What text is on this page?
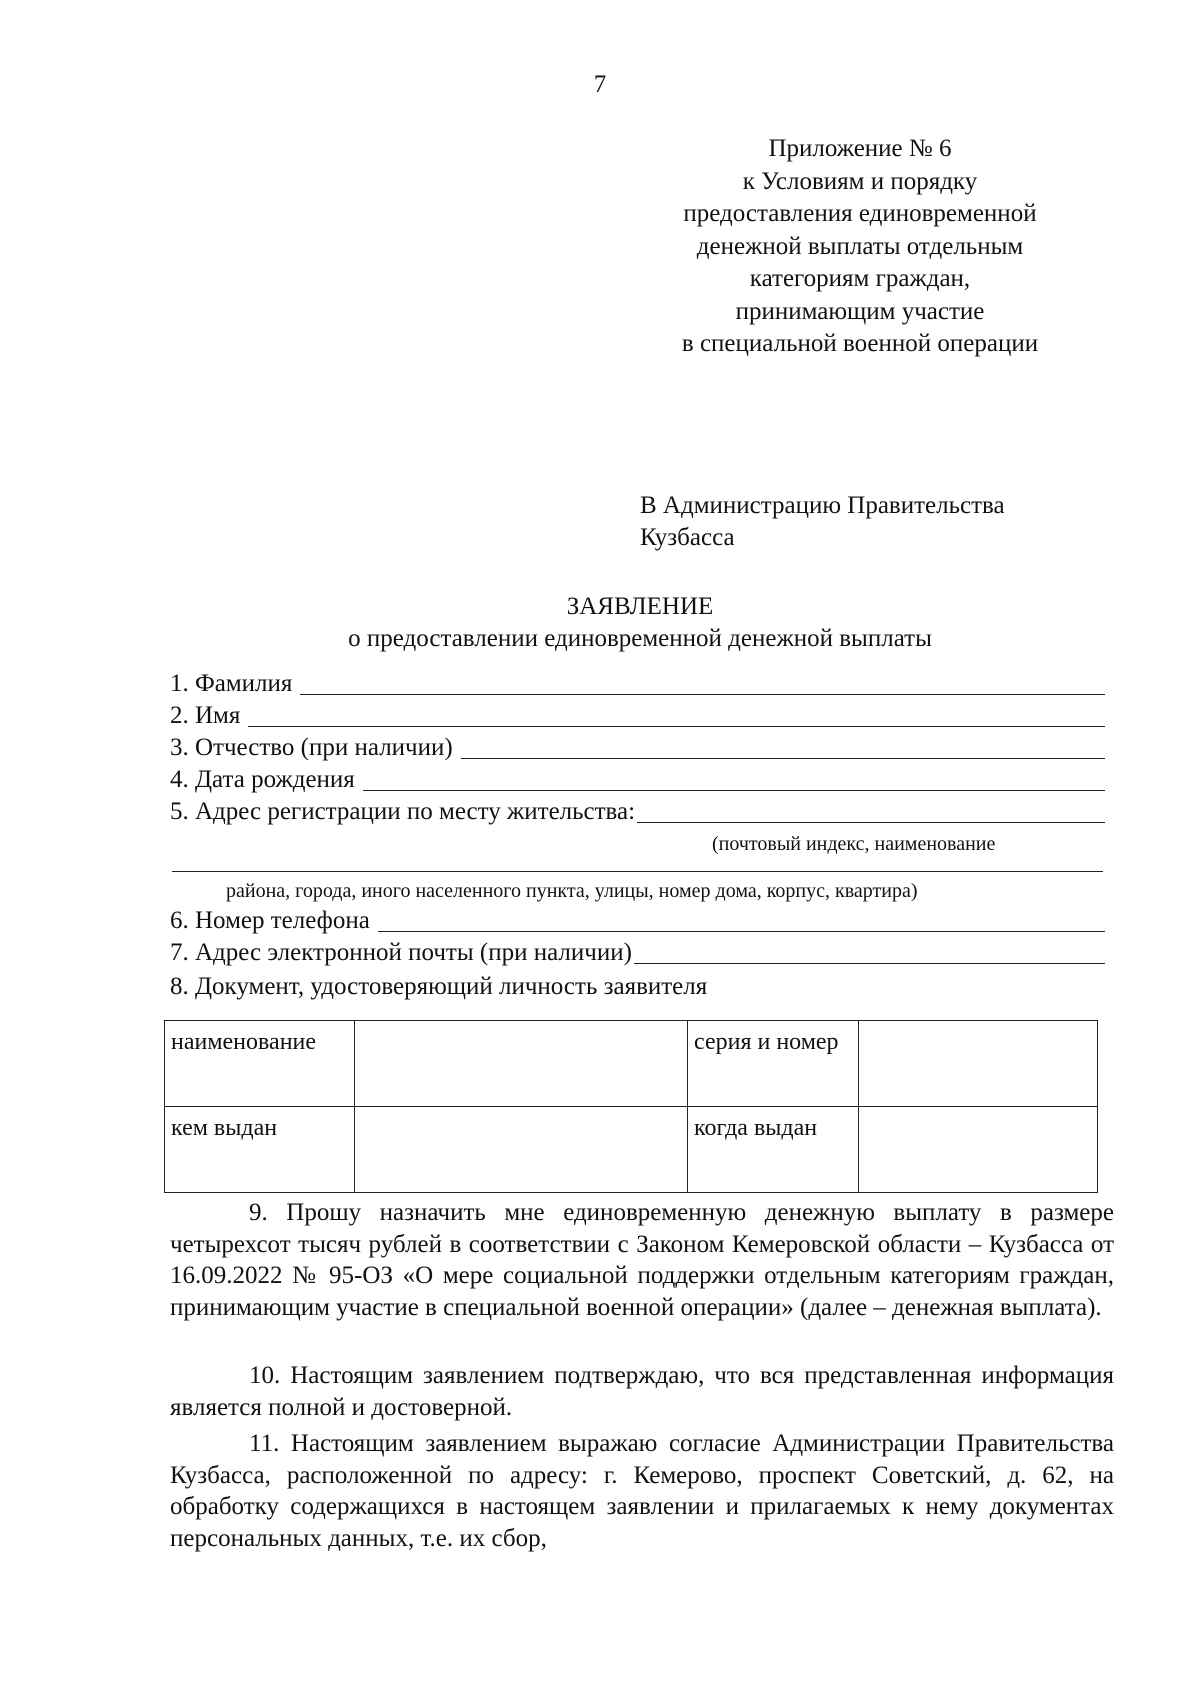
7
Приложение № 6
к Условиям и порядку
предоставления единовременной
денежной выплаты отдельным
категориям граждан,
принимающим участие
в специальной военной операции
В Администрацию Правительства
Кузбасса
ЗАЯВЛЕНИЕ
о предоставлении единовременной денежной выплаты
1. Фамилия
2. Имя
3. Отчество (при наличии)
4. Дата рождения
5. Адрес регистрации по месту жительства:
(почтовый индекс, наименование
района, города, иного населенного пункта, улицы, номер дома, корпус, квартира)
6. Номер телефона
7. Адрес электронной почты (при наличии)
8. Документ, удостоверяющий личность заявителя
наименование		серия и номер	
кем выдан		когда выдан	
9. Прошу назначить мне единовременную денежную выплату в размере четырехсот тысяч рублей в соответствии с Законом Кемеровской области – Кузбасса от 16.09.2022 № 95-ОЗ «О мере социальной поддержки отдельным категориям граждан, принимающим участие в специальной военной операции» (далее – денежная выплата).
10. Настоящим заявлением подтверждаю, что вся представленная информация является полной и достоверной.
11. Настоящим заявлением выражаю согласие Администрации Правительства Кузбасса, расположенной по адресу: г. Кемерово, проспект Советский, д. 62, на обработку содержащихся в настоящем заявлении и прилагаемых к нему документах персональных данных, т.е. их сбор,
